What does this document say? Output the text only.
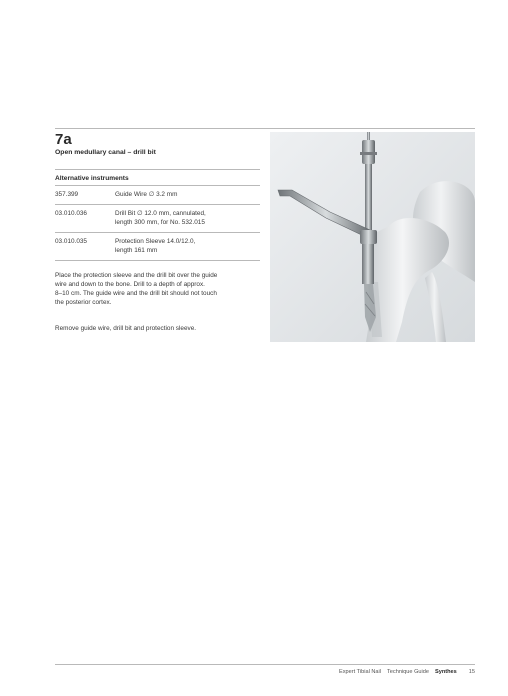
7a
Open medullary canal – drill bit
Alternative instruments
357.399	Guide Wire ∅ 3.2 mm
03.010.036	Drill Bit ∅ 12.0 mm, cannulated,
length 300 mm, for No. 532.015
03.010.035	Protection Sleeve 14.0/12.0,
length 161 mm
Place the protection sleeve and the drill bit over the guide
wire and down to the bone. Drill to a depth of approx.
8–10 cm. The guide wire and the drill bit should not touch
the posterior cortex.
Remove guide wire, drill bit and protection sleeve.
Expert Tibial Nail Technique Guide Synthes 15
